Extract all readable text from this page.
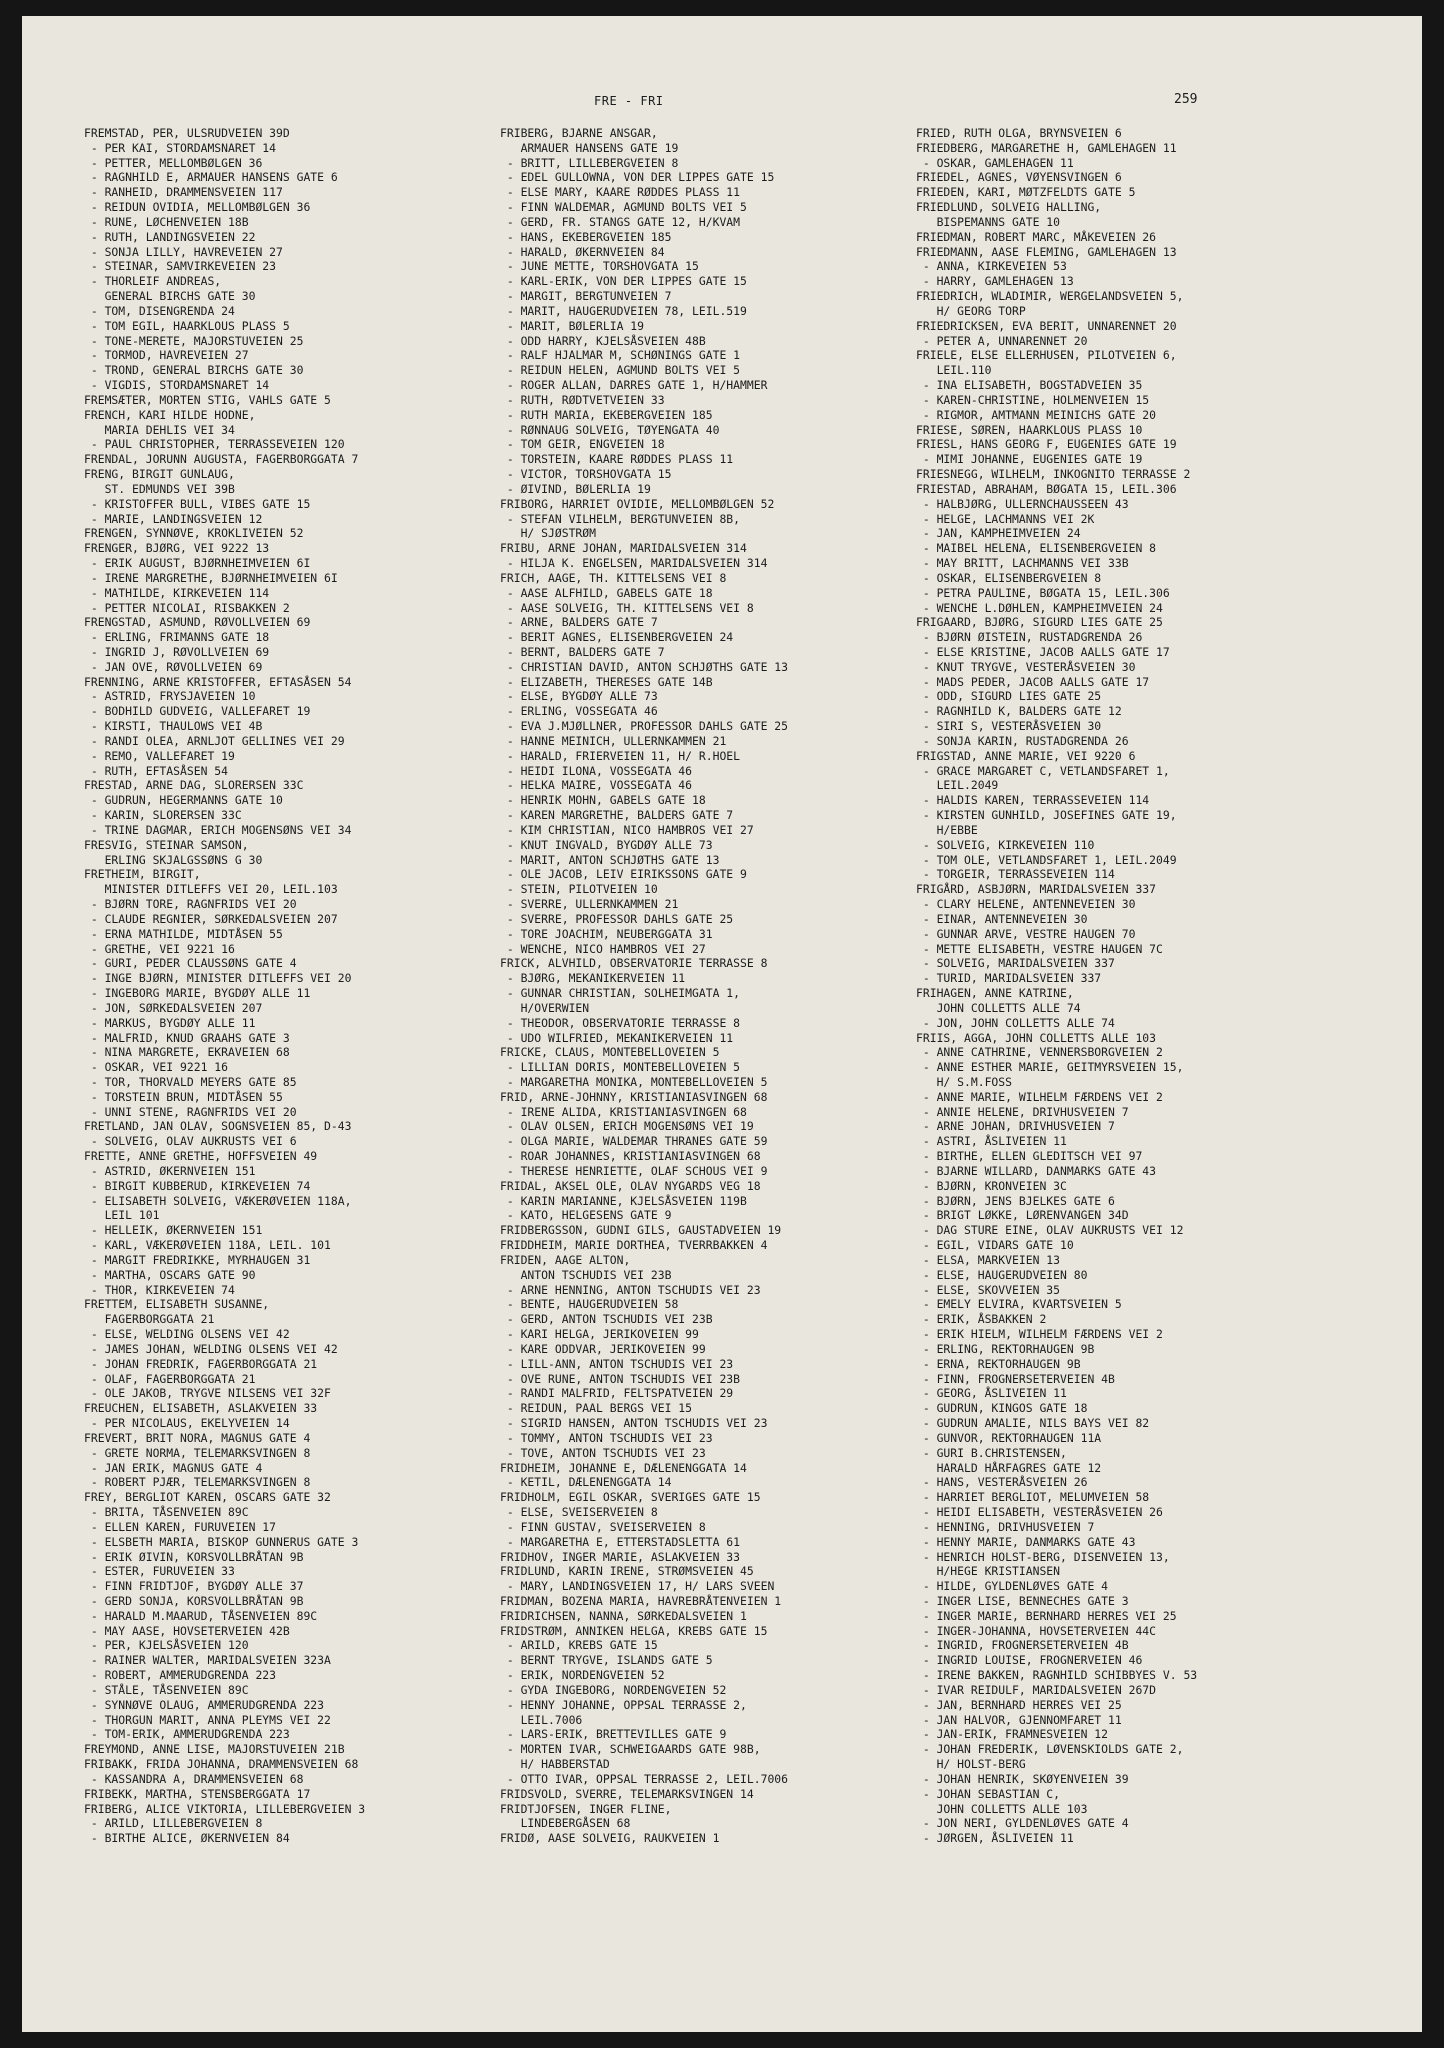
FRE - FRI	259
FREMSTAD, PER, ULSRUDVEIEN 39D
- PER KAI, STORDAMSNARET 14
- PETTER, MELLOMBØLGEN 36
- RAGNHILD E, ARMAUER HANSENS GATE 6
- RANHEID, DRAMMENSVEIEN 117
- REIDUN OVIDIA, MELLOMBØLGEN 36
- RUNE, LØCHENVEIEN 18B
- RUTH, LANDINGSVEIEN 22
- SONJA LILLY, HAVREVEIEN 27
- STEINAR, SAMVIRKEVEIEN 23
- THORLEIF ANDREAS,
GENERAL BIRCHS GATE 30
- TOM, DISENGRENDA 24
- TOM EGIL, HAARKLOUS PLASS 5
- TONE-MERETE, MAJORSTUVEIEN 25
- TORMOD, HAVREVEIEN 27
- TROND, GENERAL BIRCHS GATE 30
- VIGDIS, STORDAMSNARET 14
FREMSÆTER, MORTEN STIG, VAHLS GATE 5
FRENCH, KARI HILDE HODNE,
MARIA DEHLIS VEI 34
- PAUL CHRISTOPHER, TERRASSEVEIEN 120
FRENDAL, JORUNN AUGUSTA, FAGERBORGGATA 7
FRENG, BIRGIT GUNLAUG,
ST. EDMUNDS VEI 39B
- KRISTOFFER BULL, VIBES GATE 15
- MARIE, LANDINGSVEIEN 12
FRENGEN, SYNNØVE, KROKLIVEIEN 52
FRENGER, BJØRG, VEI 9222 13
- ERIK AUGUST, BJØRNHEIMVEIEN 6I
- IRENE MARGRETHE, BJØRNHEIMVEIEN 6I
- MATHILDE, KIRKEVEIEN 114
- PETTER NICOLAI, RISBAKKEN 2
FRENGSTAD, ASMUND, RØVOLLVEIEN 69
- ERLING, FRIMANNS GATE 18
- INGRID J, RØVOLLVEIEN 69
- JAN OVE, RØVOLLVEIEN 69
FRENNING, ARNE KRISTOFFER, EFTASÅSEN 54
- ASTRID, FRYSJAVEIEN 10
- BODHILD GUDVEIG, VALLEFARET 19
- KIRSTI, THAULOWS VEI 4B
- RANDI OLEA, ARNLJOT GELLINES VEI 29
- REMO, VALLEFARET 19
- RUTH, EFTASÅSEN 54
FRESTAD, ARNE DAG, SLORERSEN 33C
- GUDRUN, HEGERMANNS GATE 10
- KARIN, SLORERSEN 33C
- TRINE DAGMAR, ERICH MOGENSØNS VEI 34
FRESVIG, STEINAR SAMSON,
ERLING SKJALGSSØNS G 30
FRETHEIM, BIRGIT,
MINISTER DITLEFFS VEI 20, LEIL.103
- BJØRN TORE, RAGNFRIDS VEI 20
- CLAUDE REGNIER, SØRKEDALSVEIEN 207
- ERNA MATHILDE, MIDTÅSEN 55
- GRETHE, VEI 9221 16
- GURI, PEDER CLAUSSØNS GATE 4
- INGE BJØRN, MINISTER DITLEFFS VEI 20
- INGEBORG MARIE, BYGDØY ALLE 11
- JON, SØRKEDALSVEIEN 207
- MARKUS, BYGDØY ALLE 11
- MALFRID, KNUD GRAAHS GATE 3
- NINA MARGRETE, EKRAVEIEN 68
- OSKAR, VEI 9221 16
- TOR, THORVALD MEYERS GATE 85
- TORSTEIN BRUN, MIDTÅSEN 55
- UNNI STENE, RAGNFRIDS VEI 20
FRETLAND, JAN OLAV, SOGNSVEIEN 85, D-43
- SOLVEIG, OLAV AUKRUSTS VEI 6
FRETTE, ANNE GRETHE, HOFFSVEIEN 49
- ASTRID, ØKERNVEIEN 151
- BIRGIT KUBBERUD, KIRKEVEIEN 74
- ELISABETH SOLVEIG, VÆKERØVEIEN 118A,
LEIL 101
- HELLEIK, ØKERNVEIEN 151
- KARL, VÆKERØVEIEN 118A, LEIL. 101
- MARGIT FREDRIKKE, MYRHAUGEN 31
- MARTHA, OSCARS GATE 90
- THOR, KIRKEVEIEN 74
FRETTEM, ELISABETH SUSANNE,
FAGERBORGGATA 21
- ELSE, WELDING OLSENS VEI 42
- JAMES JOHAN, WELDING OLSENS VEI 42
- JOHAN FREDRIK, FAGERBORGGATA 21
- OLAF, FAGERBORGGATA 21
- OLE JAKOB, TRYGVE NILSENS VEI 32F
FREUCHEN, ELISABETH, ASLAKVEIEN 33
- PER NICOLAUS, EKELYVEIEN 14
FREVERT, BRIT NORA, MAGNUS GATE 4
- GRETE NORMA, TELEMARKSVINGEN 8
- JAN ERIK, MAGNUS GATE 4
- ROBERT PJÆR, TELEMARKSVINGEN 8
FREY, BERGLIOT KAREN, OSCARS GATE 32
- BRITA, TÅSENVEIEN 89C
- ELLEN KAREN, FURUVEIEN 17
- ELSBETH MARIA, BISKOP GUNNERUS GATE 3
- ERIK ØIVIN, KORSVOLLBRÅTAN 9B
- ESTER, FURUVEIEN 33
- FINN FRIDTJOF, BYGDØY ALLE 37
- GERD SONJA, KORSVOLLBRÅTAN 9B
- HARALD M.MAARUD, TÅSENVEIEN 89C
- MAY AASE, HOVSETERVEIEN 42B
- PER, KJELSÅSVEIEN 120
- RAINER WALTER, MARIDALSVEIEN 323A
- ROBERT, AMMERUDGRENDA 223
- STÅLE, TÅSENVEIEN 89C
- SYNNØVE OLAUG, AMMERUDGRENDA 223
- THORGUN MARIT, ANNA PLEYMS VEI 22
- TOM-ERIK, AMMERUDGRENDA 223
FREYMOND, ANNE LISE, MAJORSTUVEIEN 21B
FRIBAKK, FRIDA JOHANNA, DRAMMENSVEIEN 68
- KASSANDRA A, DRAMMENSVEIEN 68
FRIBEKK, MARTHA, STENSBERGGATA 17
FRIBERG, ALICE VIKTORIA, LILLEBERGVEIEN 3
- ARILD, LILLEBERGVEIEN 8
- BIRTHE ALICE, ØKERNVEIEN 84
FRIBERG, BJARNE ANSGAR,
ARMAUER HANSENS GATE 19
- BRITT, LILLEBERGVEIEN 8
- EDEL GULLOWNA, VON DER LIPPES GATE 15
- ELSE MARY, KAARE RØDDES PLASS 11
- FINN WALDEMAR, AGMUND BOLTS VEI 5
- GERD, FR. STANGS GATE 12, H/KVAM
- HANS, EKEBERGVEIEN 185
- HARALD, ØKERNVEIEN 84
- JUNE METTE, TORSHOVGATA 15
- KARL-ERIK, VON DER LIPPES GATE 15
- MARGIT, BERGTUNVEIEN 7
- MARIT, HAUGERUDVEIEN 78, LEIL.519
- MARIT, BØLERLIA 19
- ODD HARRY, KJELSÅSVEIEN 48B
- RALF HJALMAR M, SCHØNINGS GATE 1
- REIDUN HELEN, AGMUND BOLTS VEI 5
- ROGER ALLAN, DARRES GATE 1, H/HAMMER
- RUTH, RØDTVETVEIEN 33
- RUTH MARIA, EKEBERGVEIEN 185
- RØNNAUG SOLVEIG, TØYENGATA 40
- TOM GEIR, ENGVEIEN 18
- TORSTEIN, KAARE RØDDES PLASS 11
- VICTOR, TORSHOVGATA 15
- ØIVIND, BØLERLIA 19
FRIBORG, HARRIET OVIDIE, MELLOMBØLGEN 52
- STEFAN VILHELM, BERGTUNVEIEN 8B,
H/ SJØSTRØM
FRIBU, ARNE JOHAN, MARIDALSVEIEN 314
- HILJA K. ENGELSEN, MARIDALSVEIEN 314
FRICH, AAGE, TH. KITTELSENS VEI 8
- AASE ALFHILD, GABELS GATE 18
- AASE SOLVEIG, TH. KITTELSENS VEI 8
- ARNE, BALDERS GATE 7
- BERIT AGNES, ELISENBERGVEIEN 24
- BERNT, BALDERS GATE 7
- CHRISTIAN DAVID, ANTON SCHJØTHS GATE 13
- ELIZABETH, THERESES GATE 14B
- ELSE, BYGDØY ALLE 73
- ERLING, VOSSEGATA 46
- EVA J.MJØLLNER, PROFESSOR DAHLS GATE 25
- HANNE MEINICH, ULLERNKAMMEN 21
- HARALD, FRIERVEIEN 11, H/ R.HOEL
- HEIDI ILONA, VOSSEGATA 46
- HELKA MAIRE, VOSSEGATA 46
- HENRIK MOHN, GABELS GATE 18
- KAREN MARGRETHE, BALDERS GATE 7
- KIM CHRISTIAN, NICO HAMBROS VEI 27
- KNUT INGVALD, BYGDØY ALLE 73
- MARIT, ANTON SCHJØTHS GATE 13
- OLE JACOB, LEIV EIRIKSSONS GATE 9
- STEIN, PILOTVEIEN 10
- SVERRE, ULLERNKAMMEN 21
- SVERRE, PROFESSOR DAHLS GATE 25
- TORE JOACHIM, NEUBERGGATA 31
- WENCHE, NICO HAMBROS VEI 27
FRICK, ALVHILD, OBSERVATORIE TERRASSE 8
- BJØRG, MEKANIKERVEIEN 11
- GUNNAR CHRISTIAN, SOLHEIMGATA 1,
H/OVERWIEN
- THEODOR, OBSERVATORIE TERRASSE 8
- UDO WILFRIED, MEKANIKERVEIEN 11
FRICKE, CLAUS, MONTEBELLOVEIEN 5
- LILLIAN DORIS, MONTEBELLOVEIEN 5
- MARGARETHA MONIKA, MONTEBELLOVEIEN 5
FRID, ARNE-JOHNNY, KRISTIANIASVINGEN 68
- IRENE ALIDA, KRISTIANIASVINGEN 68
- OLAV OLSEN, ERICH MOGENSØNS VEI 19
- OLGA MARIE, WALDEMAR THRANES GATE 59
- ROAR JOHANNES, KRISTIANIASVINGEN 68
- THERESE HENRIETTE, OLAF SCHOUS VEI 9
FRIDAL, AKSEL OLE, OLAV NYGARDS VEG 18
- KARIN MARIANNE, KJELSÅSVEIEN 119B
- KATO, HELGESENS GATE 9
FRIDBERGSSON, GUDNI GILS, GAUSTADVEIEN 19
FRIDDHEIM, MARIE DORTHEA, TVERRBAKKEN 4
FRIDEN, AAGE ALTON,
ANTON TSCHUDIS VEI 23B
- ARNE HENNING, ANTON TSCHUDIS VEI 23
- BENTE, HAUGERUDVEIEN 58
- GERD, ANTON TSCHUDIS VEI 23B
- KARI HELGA, JERIKOVEIEN 99
- KARE ODDVAR, JERIKOVEIEN 99
- LILL-ANN, ANTON TSCHUDIS VEI 23
- OVE RUNE, ANTON TSCHUDIS VEI 23B
- RANDI MALFRID, FELTSPATVEIEN 29
- REIDUN, PAAL BERGS VEI 15
- SIGRID HANSEN, ANTON TSCHUDIS VEI 23
- TOMMY, ANTON TSCHUDIS VEI 23
- TOVE, ANTON TSCHUDIS VEI 23
FRIDHEIM, JOHANNE E, DÆLENENGGATA 14
- KETIL, DÆLENENGGATA 14
FRIDHOLM, EGIL OSKAR, SVERIGES GATE 15
- ELSE, SVEISERVEIEN 8
- FINN GUSTAV, SVEISERVEIEN 8
- MARGARETHA E, ETTERSTADSLETTA 61
FRIDHOV, INGER MARIE, ASLAKVEIEN 33
FRIDLUND, KARIN IRENE, STRØMSVEIEN 45
- MARY, LANDINGSVEIEN 17, H/ LARS SVEEN
FRIDMAN, BOZENA MARIA, HAVREBRÅTENVEIEN 1
FRIDRICHSEN, NANNA, SØRKEDALSVEIEN 1
FRIDSTRØM, ANNIKEN HELGA, KREBS GATE 15
- ARILD, KREBS GATE 15
- BERNT TRYGVE, ISLANDS GATE 5
- ERIK, NORDENGVEIEN 52
- GYDA INGEBORG, NORDENGVEIEN 52
- HENNY JOHANNE, OPPSAL TERRASSE 2,
LEIL.7006
- LARS-ERIK, BRETTEVILLES GATE 9
- MORTEN IVAR, SCHWEIGAARDS GATE 98B,
H/ HABBERSTAD
- OTTO IVAR, OPPSAL TERRASSE 2, LEIL.7006
FRIDSVOLD, SVERRE, TELEMARKSVINGEN 14
FRIDTJOFSEN, INGER FLINE,
LINDEBERGÅSEN 68
FRIDØ, AASE SOLVEIG, RAUKVEIEN 1
FRIED, RUTH OLGA, BRYNSVEIEN 6
FRIEDBERG, MARGARETHE H, GAMLEHAGEN 11
- OSKAR, GAMLEHAGEN 11
FRIEDEL, AGNES, VØYENSVINGEN 6
FRIEDEN, KARI, MØTZFELDTS GATE 5
FRIEDLUND, SOLVEIG HALLING,
BISPEMANNS GATE 10
FRIEDMAN, ROBERT MARC, MÅKEVEIEN 26
FRIEDMANN, AASE FLEMING, GAMLEHAGEN 13
- ANNA, KIRKEVEIEN 53
- HARRY, GAMLEHAGEN 13
FRIEDRICH, WLADIMIR, WERGELANDSVEIEN 5,
H/ GEORG TORP
FRIEDRICKSEN, EVA BERIT, UNNARENNET 20
- PETER A, UNNARENNET 20
FRIELE, ELSE ELLERHUSEN, PILOTVEIEN 6,
LEIL.110
- INA ELISABETH, BOGSTADVEIEN 35
- KAREN-CHRISTINE, HOLMENVEIEN 15
- RIGMOR, AMTMANN MEINICHS GATE 20
FRIESE, SØREN, HAARKLOUS PLASS 10
FRIESL, HANS GEORG F, EUGENIES GATE 19
- MIMI JOHANNE, EUGENIES GATE 19
FRIESNEGG, WILHELM, INKOGNITO TERRASSE 2
FRIESTAD, ABRAHAM, BØGATA 15, LEIL.306
- HALBJØRG, ULLERNCHAUSSEEN 43
- HELGE, LACHMANNS VEI 2K
- JAN, KAMPHEIMVEIEN 24
- MAIBEL HELENA, ELISENBERGVEIEN 8
- MAY BRITT, LACHMANNS VEI 33B
- OSKAR, ELISENBERGVEIEN 8
- PETRA PAULINE, BØGATA 15, LEIL.306
- WENCHE L.DØHLEN, KAMPHEIMVEIEN 24
FRIGAARD, BJØRG, SIGURD LIES GATE 25
- BJØRN ØISTEIN, RUSTADGRENDA 26
- ELSE KRISTINE, JACOB AALLS GATE 17
- KNUT TRYGVE, VESTERÅSVEIEN 30
- MADS PEDER, JACOB AALLS GATE 17
- ODD, SIGURD LIES GATE 25
- RAGNHILD K, BALDERS GATE 12
- SIRI S, VESTERÅSVEIEN 30
- SONJA KARIN, RUSTADGRENDA 26
FRIGSTAD, ANNE MARIE, VEI 9220 6
- GRACE MARGARET C, VETLANDSFARET 1,
LEIL.2049
- HALDIS KAREN, TERRASSEVEIEN 114
- KIRSTEN GUNHILD, JOSEFINES GATE 19,
H/EBBE
- SOLVEIG, KIRKEVEIEN 110
- TOM OLE, VETLANDSFARET 1, LEIL.2049
- TORGEIR, TERRASSEVEIEN 114
FRIGÅRD, ASBJØRN, MARIDALSVEIEN 337
- CLARY HELENE, ANTENNEVEIEN 30
- EINAR, ANTENNEVEIEN 30
- GUNNAR ARVE, VESTRE HAUGEN 70
- METTE ELISABETH, VESTRE HAUGEN 7C
- SOLVEIG, MARIDALSVEIEN 337
- TURID, MARIDALSVEIEN 337
FRIHAGEN, ANNE KATRINE,
JOHN COLLETTS ALLE 74
- JON, JOHN COLLETTS ALLE 74
FRIIS, AGGA, JOHN COLLETTS ALLE 103
- ANNE CATHRINE, VENNERSBORGVEIEN 2
- ANNE ESTHER MARIE, GEITMYRSVEIEN 15,
H/ S.M.FOSS
- ANNE MARIE, WILHELM FÆRDENS VEI 2
- ANNIE HELENE, DRIVHUSVEIEN 7
- ARNE JOHAN, DRIVHUSVEIEN 7
- ASTRI, ÅSLIVEIEN 11
- BIRTHE, ELLEN GLEDITSCH VEI 97
- BJARNE WILLARD, DANMARKS GATE 43
- BJØRN, KRONVEIEN 3C
- BJØRN, JENS BJELKES GATE 6
- BRIGT LØKKE, LØRENVANGEN 34D
- DAG STURE EINE, OLAV AUKRUSTS VEI 12
- EGIL, VIDARS GATE 10
- ELSA, MARKVEIEN 13
- ELSE, HAUGERUDVEIEN 80
- ELSE, SKOVVEIEN 35
- EMELY ELVIRA, KVARTSVEIEN 5
- ERIK, ÅSBAKKEN 2
- ERIK HIELM, WILHELM FÆRDENS VEI 2
- ERLING, REKTORHAUGEN 9B
- ERNA, REKTORHAUGEN 9B
- FINN, FROGNERSETERVEIEN 4B
- GEORG, ÅSLIVEIEN 11
- GUDRUN, KINGOS GATE 18
- GUDRUN AMALIE, NILS BAYS VEI 82
- GUNVOR, REKTORHAUGEN 11A
- GURI B.CHRISTENSEN,
HARALD HÅRFAGRES GATE 12
- HANS, VESTERÅSVEIEN 26
- HARRIET BERGLIOT, MELUMVEIEN 58
- HEIDI ELISABETH, VESTERÅSVEIEN 26
- HENNING, DRIVHUSVEIEN 7
- HENNY MARIE, DANMARKS GATE 43
- HENRICH HOLST-BERG, DISENVEIEN 13,
H/HEGE KRISTIANSEN
- HILDE, GYLDENLØVES GATE 4
- INGER LISE, BENNECHES GATE 3
- INGER MARIE, BERNHARD HERRES VEI 25
- INGER-JOHANNA, HOVSETERVEIEN 44C
- INGRID, FROGNERSETERVEIEN 4B
- INGRID LOUISE, FROGNERVEIEN 46
- IRENE BAKKEN, RAGNHILD SCHIBBYES V. 53
- IVAR REIDULF, MARIDALSVEIEN 267D
- JAN, BERNHARD HERRES VEI 25
- JAN HALVOR, GJENNOMFARET 11
- JAN-ERIK, FRAMNESVEIEN 12
- JOHAN FREDERIK, LØVENSKIOLDS GATE 2,
H/ HOLST-BERG
- JOHAN HENRIK, SKØYENVEIEN 39
- JOHAN SEBASTIAN C,
JOHN COLLETTS ALLE 103
- JON NERI, GYLDENLØVES GATE 4
- JØRGEN, ÅSLIVEIEN 11
